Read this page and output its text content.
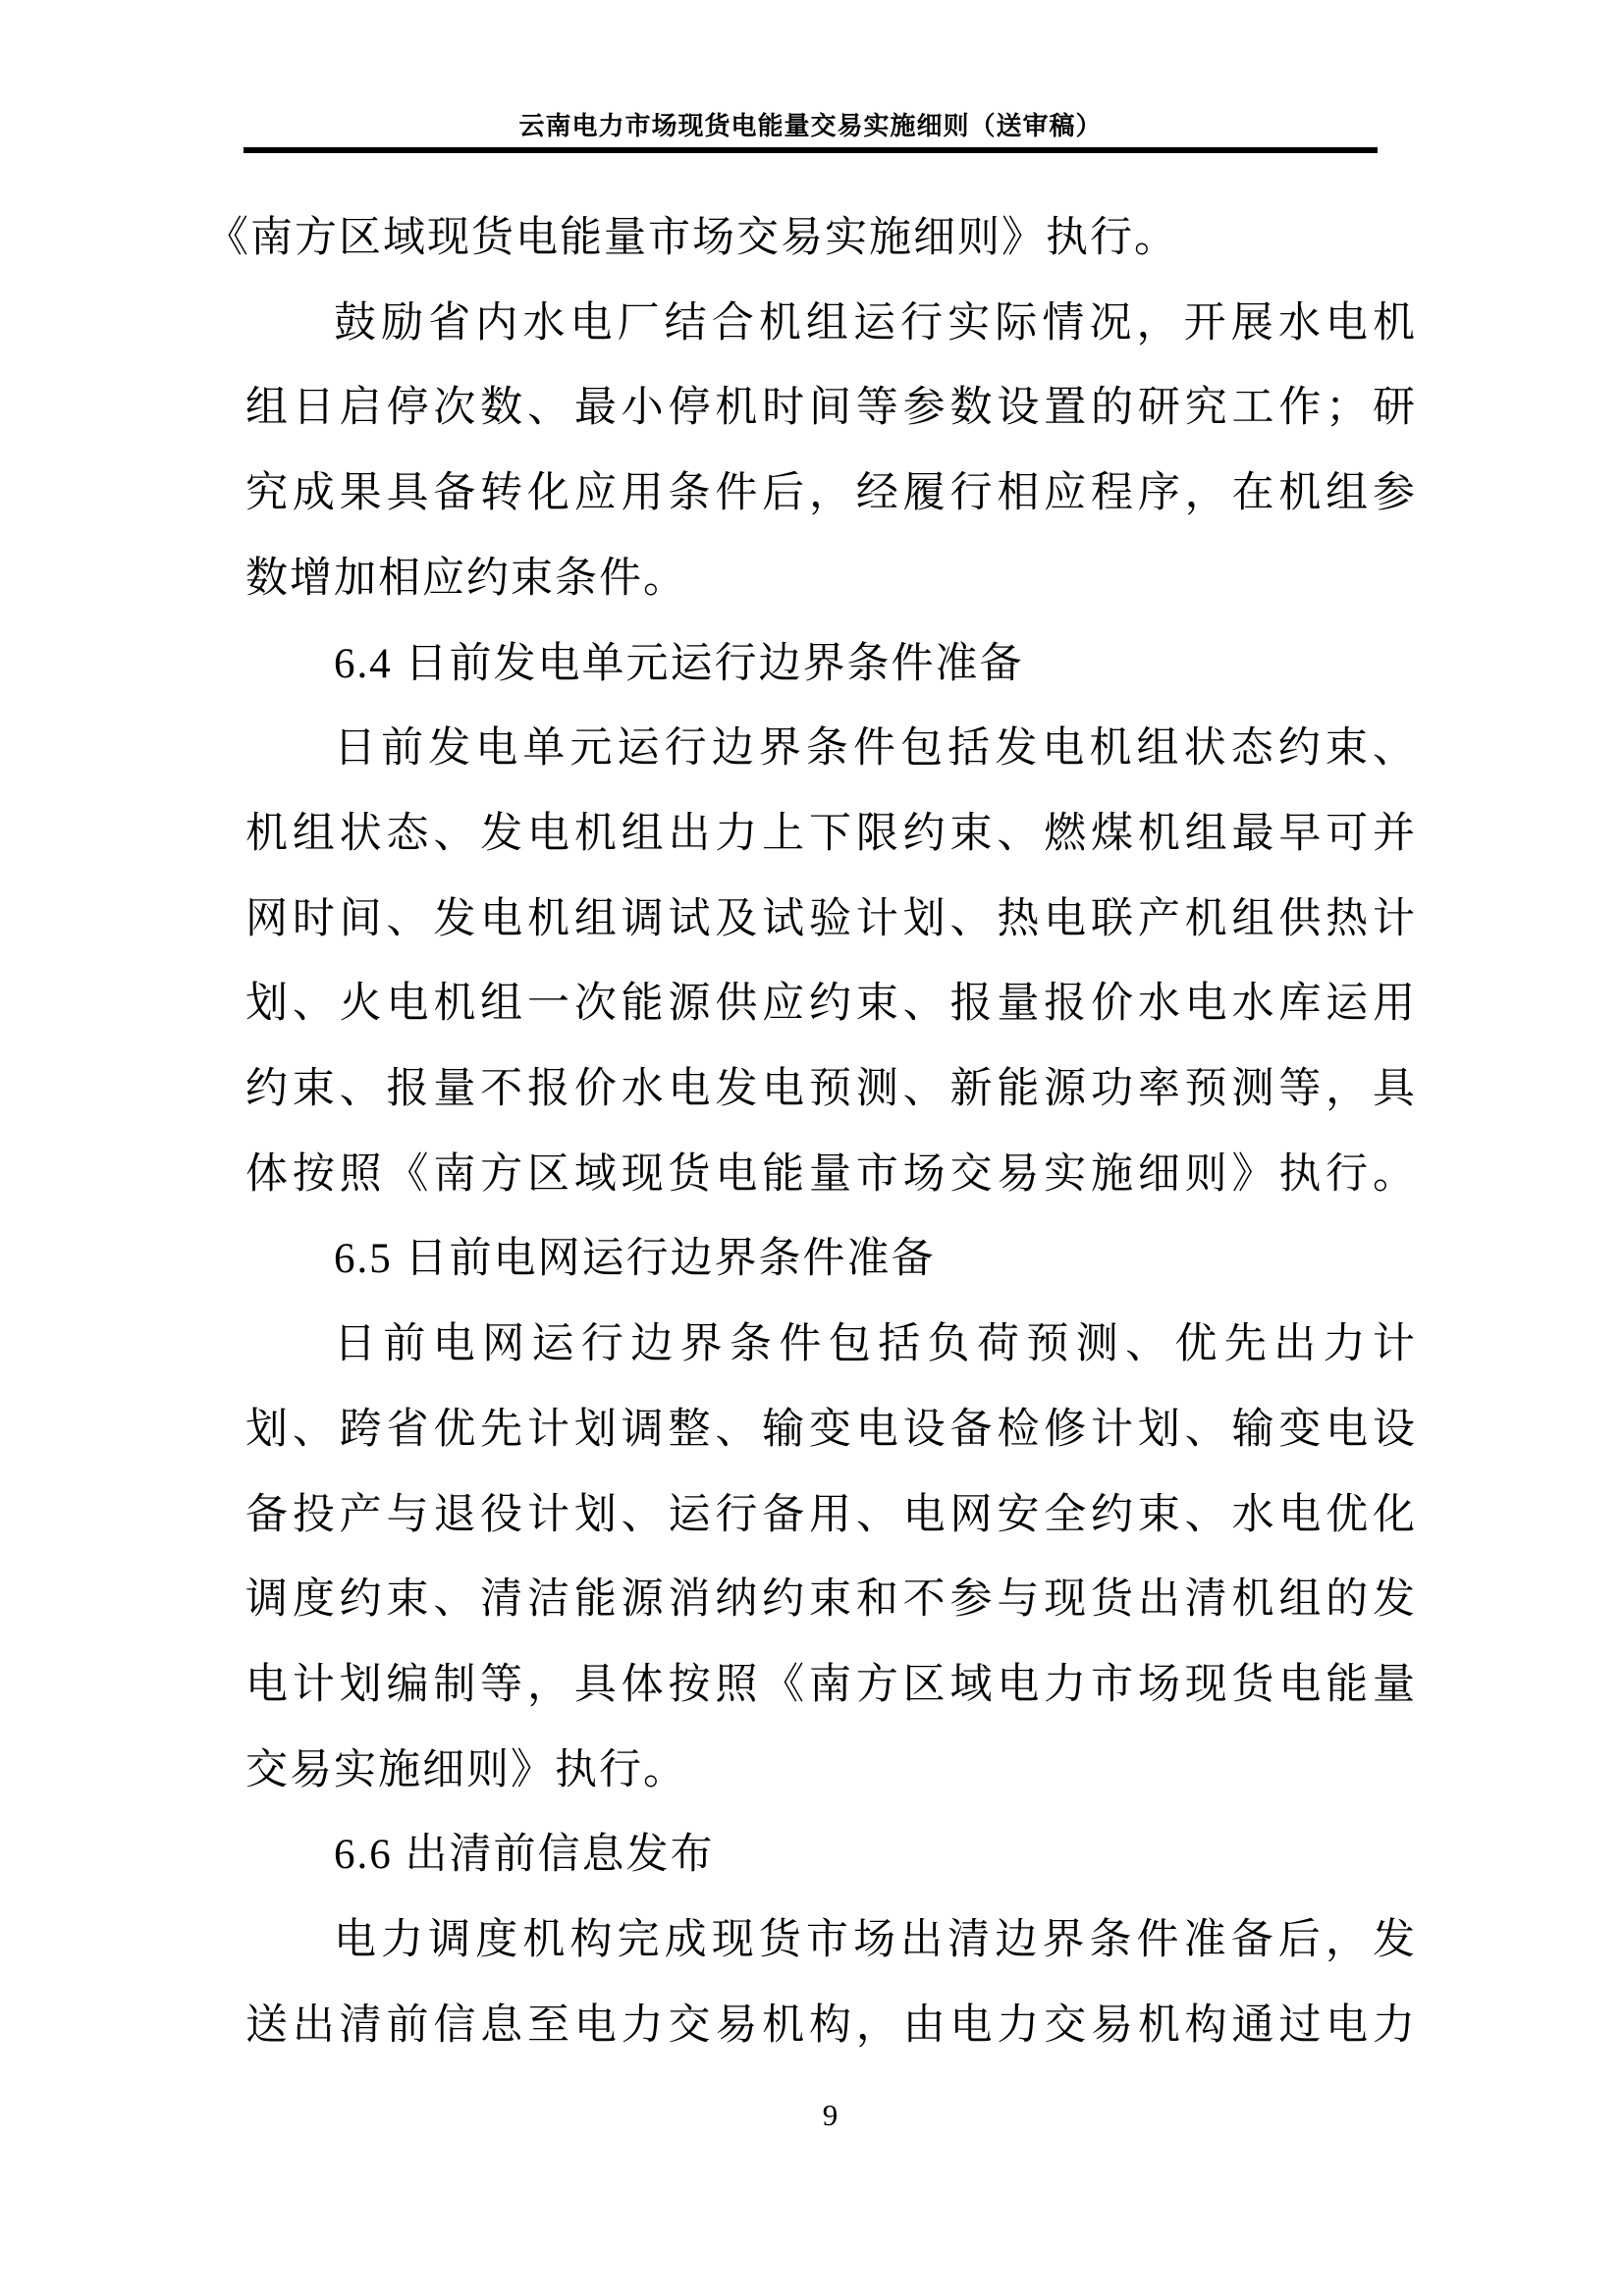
云南电力市场现货电能量交易实施细则（送审稿）
《南方区域现货电能量市场交易实施细则》执行。
鼓励省内水电厂结合机组运行实际情况，开展水电机
组日启停次数、最小停机时间等参数设置的研究工作；研
究成果具备转化应用条件后，经履行相应程序，在机组参
数增加相应约束条件。
6.4 日前发电单元运行边界条件准备
日前发电单元运行边界条件包括发电机组状态约束、
机组状态、发电机组出力上下限约束、燃煤机组最早可并
网时间、发电机组调试及试验计划、热电联产机组供热计
划、火电机组一次能源供应约束、报量报价水电水库运用
约束、报量不报价水电发电预测、新能源功率预测等，具
体按照《南方区域现货电能量市场交易实施细则》执行。
6.5 日前电网运行边界条件准备
日前电网运行边界条件包括负荷预测、优先出力计
划、跨省优先计划调整、输变电设备检修计划、输变电设
备投产与退役计划、运行备用、电网安全约束、水电优化
调度约束、清洁能源消纳约束和不参与现货出清机组的发
电计划编制等，具体按照《南方区域电力市场现货电能量
交易实施细则》执行。
6.6 出清前信息发布
电力调度机构完成现货市场出清边界条件准备后，发
送出清前信息至电力交易机构，由电力交易机构通过电力
9
